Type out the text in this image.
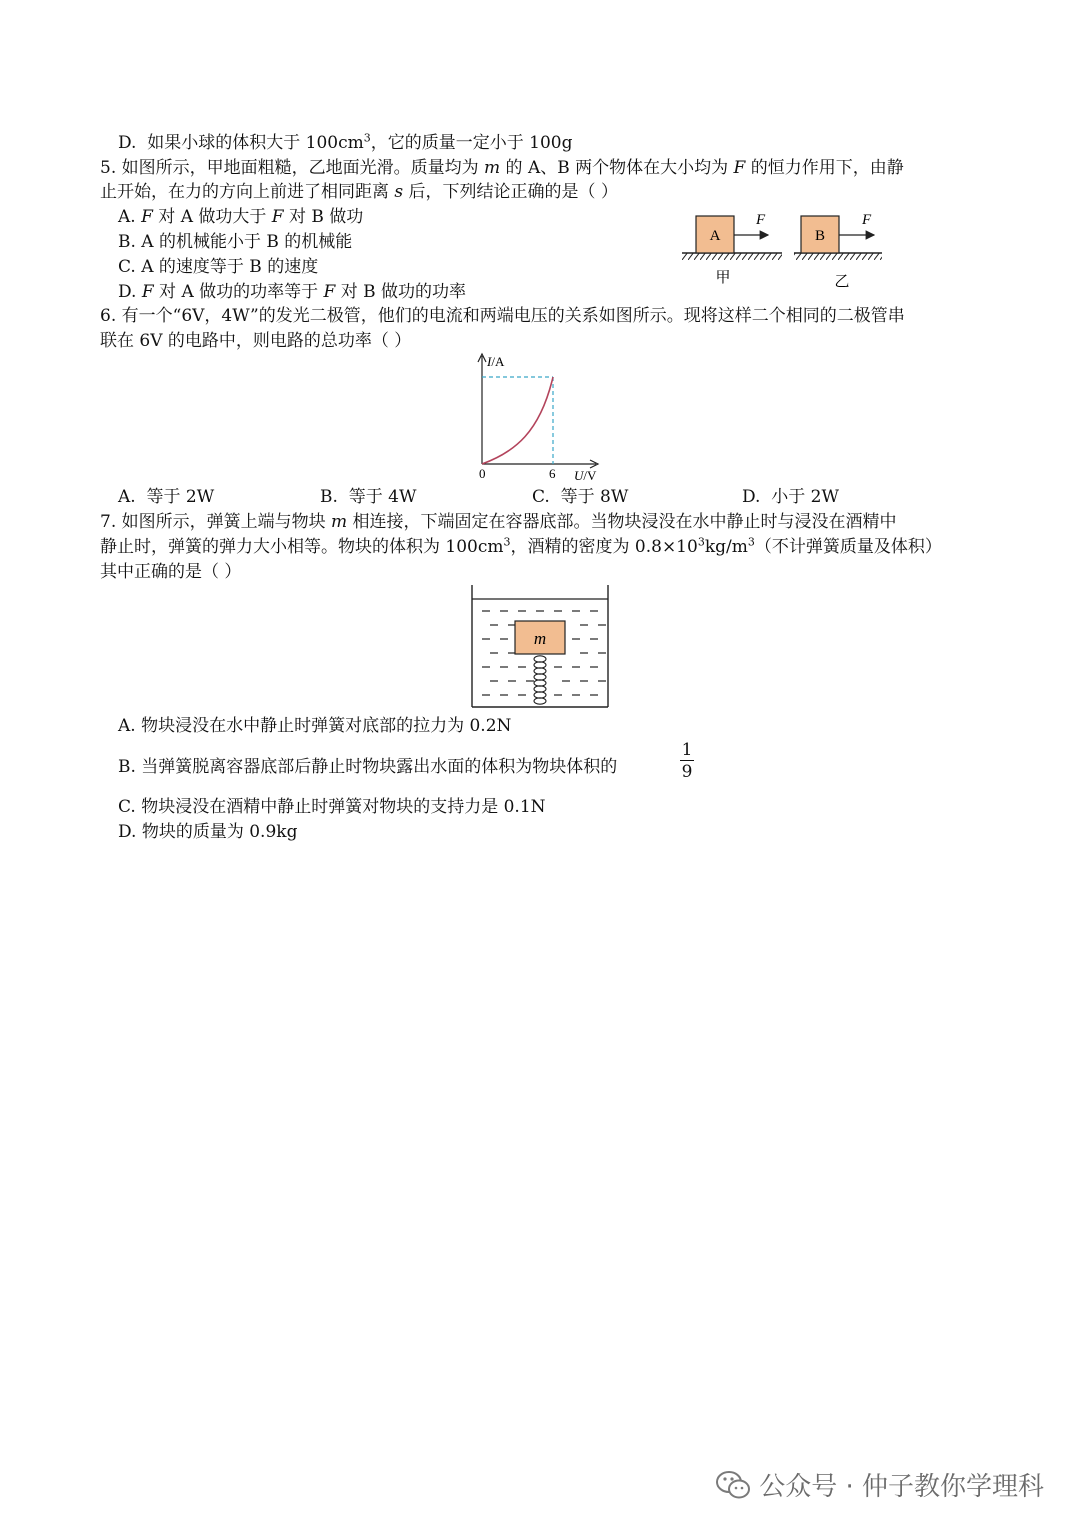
D. 如果小球的体积大于 $100cm^3$，它的质量一定小于 100g
5. 如图所示，甲地面粗糙，乙地面光滑。质量均为 m 的 A、B 两个物体在大小均为 F 的恒力作用下，由静
止开始，在力的方向上前进了相同距离 s 后，下列结论正确的是（ ）
A. F 对 A 做功大于 F 对 B 做功
B. A 的机械能小于 B 的机械能
C. A 的速度等于 B 的速度
D. F 对 A 做功的功率等于 F 对 B 做功的功率
A
F
B
F
甲	乙
6. 有一个“6V，4W”的发光二极管，他们的电流和两端电压的关系如图所示。现将这样二个相同的二极管串
联在 6V 的电路中，则电路的总功率（ ）
I/A
0	6 U/V
A. 等于 2W	B. 等于 4W	C. 等于 8W	D. 小于 2W
7. 如图所示，弹簧上端与物块 m 相连接，下端固定在容器底部。当物块浸没在水中静止时与浸没在酒精中
静止时，弹簧的弹力大小相等。物块的体积为 $100cm^3$，酒精的密度为 $0.8\times 10^3kg/m^3$（不计弹簧质量及体积）
其中正确的是（ ）
m
A. 物块浸没在水中静止时弹簧对底部的拉力为 0.2N
B. 当弹簧脱离容器底部后静止时物块露出水面的体积为物块体积的
1
9
C. 物块浸没在酒精中静止时弹簧对物块的支持力是 0.1N
D. 物块的质量为 0.9kg
公众号 · 仲子教你学理科
